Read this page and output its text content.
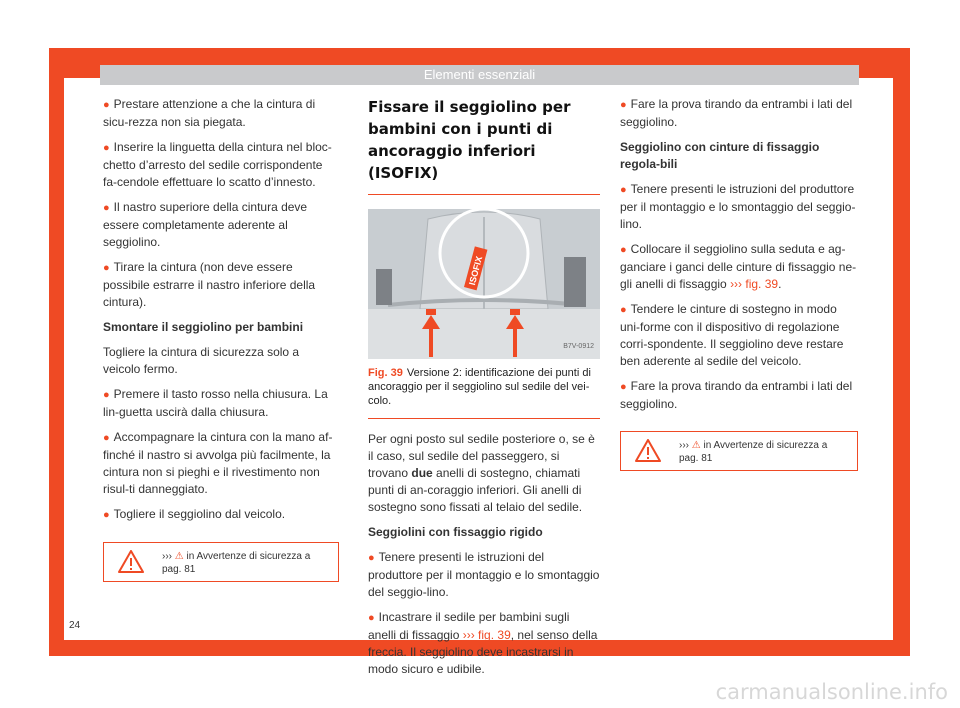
Elementi essenziali

● Prestare attenzione a che la cintura di sicu-rezza non sia piegata.

● Inserire la linguetta della cintura nel bloc-chetto d’arresto del sedile corrispondente fa-cendole effettuare lo scatto d’innesto.

● Il nastro superiore della cintura deve essere completamente aderente al seggiolino.

● Tirare la cintura (non deve essere possibile estrarre il nastro inferiore della cintura).

Smontare il seggiolino per bambini

Togliere la cintura di sicurezza solo a veicolo fermo.

● Premere il tasto rosso nella chiusura. La lin-guetta uscirà dalla chiusura.

● Accompagnare la cintura con la mano af-finché il nastro si avvolga più facilmente, la cintura non si pieghi e il rivestimento non risul-ti danneggiato.

● Togliere il seggiolino dal veicolo.

››› ⚠ in Avvertenze di sicurezza a pag. 81
Fissare il seggiolino per bambini con i punti di ancoraggio inferiori (ISOFIX)
ISOFIX
B7V-0912
Fig. 39 Versione 2: identificazione dei punti di ancoraggio per il seggiolino sul sedile del vei-colo.

Per ogni posto sul sedile posteriore o, se è il caso, sul sedile del passeggero, si trovano due anelli di sostegno, chiamati punti di an-coraggio inferiori. Gli anelli di sostegno sono fissati al telaio del sedile.

Seggiolini con fissaggio rigido

● Tenere presenti le istruzioni del produttore per il montaggio e lo smontaggio del seggio-lino.

● Incastrare il sedile per bambini sugli anelli di fissaggio ››› fig. 39, nel senso della freccia. Il seggiolino deve incastrarsi in modo sicuro e udibile.

● Fare la prova tirando da entrambi i lati del seggiolino.

Seggiolino con cinture di fissaggio regola-bili

● Tenere presenti le istruzioni del produttore per il montaggio e lo smontaggio del seggio-lino.

● Collocare il seggiolino sulla seduta e ag-ganciare i ganci delle cinture di fissaggio ne-gli anelli di fissaggio ››› fig. 39.

● Tendere le cinture di sostegno in modo uni-forme con il dispositivo di regolazione corri-spondente. Il seggiolino deve restare ben aderente al sedile del veicolo.

● Fare la prova tirando da entrambi i lati del seggiolino.

››› ⚠ in Avvertenze di sicurezza a pag. 81
24
carmanualsonline.info
